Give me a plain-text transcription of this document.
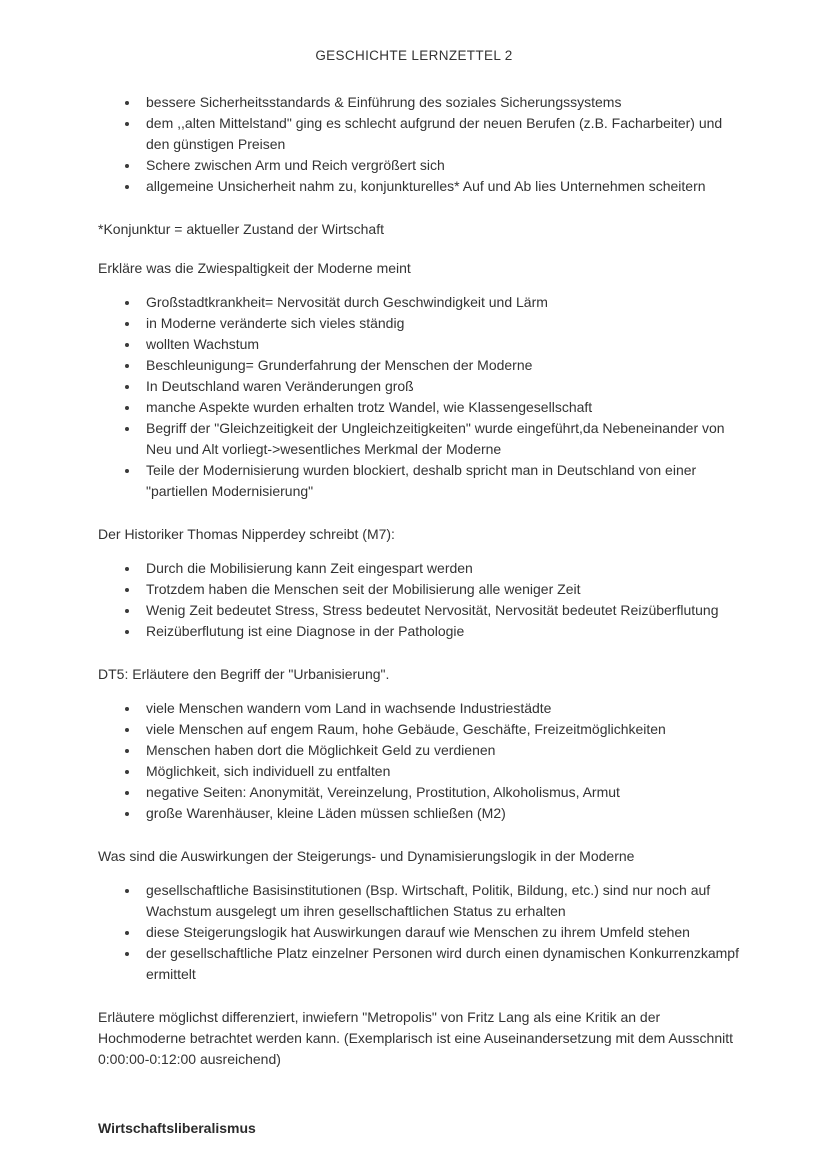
GESCHICHTE LERNZETTEL 2
bessere Sicherheitsstandards & Einführung des soziales Sicherungssystems
dem ,,alten Mittelstand" ging es schlecht aufgrund der neuen Berufen (z.B. Facharbeiter) und den günstigen Preisen
Schere zwischen Arm und Reich vergrößert sich
allgemeine Unsicherheit nahm zu, konjunkturelles* Auf und Ab lies Unternehmen scheitern

*Konjunktur = aktueller Zustand der Wirtschaft

Erkläre was die Zwiespaltigkeit der Moderne meint

Großstadtkrankheit= Nervosität durch Geschwindigkeit und Lärm
in Moderne veränderte sich vieles ständig
wollten Wachstum
Beschleunigung= Grunderfahrung der Menschen der Moderne
In Deutschland waren Veränderungen groß
manche Aspekte wurden erhalten trotz Wandel, wie Klassengesellschaft
Begriff der "Gleichzeitigkeit der Ungleichzeitigkeiten" wurde eingeführt,da Nebeneinander von Neu und Alt vorliegt->wesentliches Merkmal der Moderne
Teile der Modernisierung wurden blockiert, deshalb spricht man in Deutschland von einer "partiellen Modernisierung"

Der Historiker Thomas Nipperdey schreibt (M7):

Durch die Mobilisierung kann Zeit eingespart werden
Trotzdem haben die Menschen seit der Mobilisierung alle weniger Zeit
Wenig Zeit bedeutet Stress, Stress bedeutet Nervosität, Nervosität bedeutet Reizüberflutung
Reizüberflutung ist eine Diagnose in der Pathologie

DT5: Erläutere den Begriff der "Urbanisierung".

viele Menschen wandern vom Land in wachsende Industriestädte
viele Menschen auf engem Raum, hohe Gebäude, Geschäfte, Freizeitmöglichkeiten
Menschen haben dort die Möglichkeit Geld zu verdienen
Möglichkeit, sich individuell zu entfalten
negative Seiten: Anonymität, Vereinzelung, Prostitution, Alkoholismus, Armut
große Warenhäuser, kleine Läden müssen schließen (M2)

Was sind die Auswirkungen der Steigerungs- und Dynamisierungslogik in der Moderne

gesellschaftliche Basisinstitutionen (Bsp. Wirtschaft, Politik, Bildung, etc.) sind nur noch auf Wachstum ausgelegt um ihren gesellschaftlichen Status zu erhalten
diese Steigerungslogik hat Auswirkungen darauf wie Menschen zu ihrem Umfeld stehen
der gesellschaftliche Platz einzelner Personen wird durch einen dynamischen Konkurrenzkampf ermittelt

Erläutere möglichst differenziert, inwiefern "Metropolis" von Fritz Lang als eine Kritik an der Hochmoderne betrachtet werden kann. (Exemplarisch ist eine Auseinandersetzung mit dem Ausschnitt 0:00:00-0:12:00 ausreichend)

Wirtschaftsliberalismus
